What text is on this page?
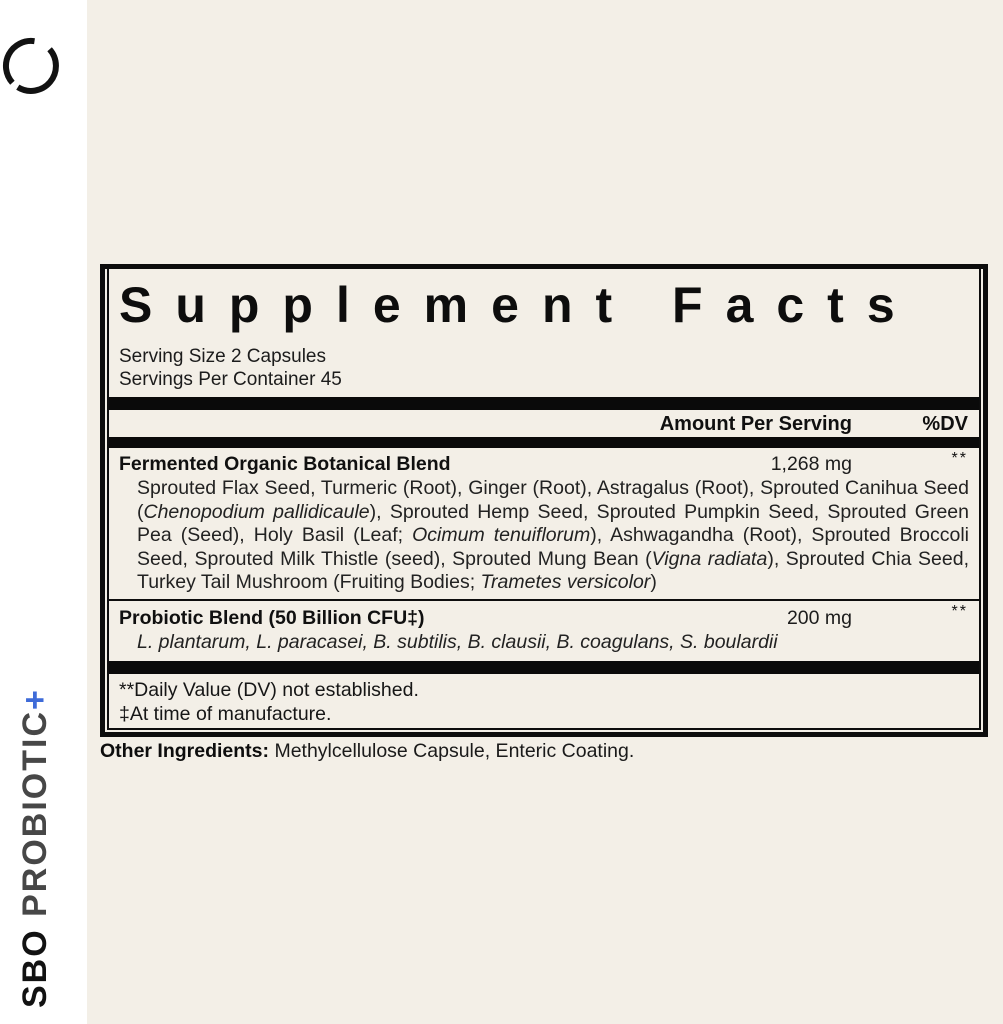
SBO PROBIOTIC+
Supplement Facts
Serving Size 2 Capsules
Servings Per Container 45
Amount Per Serving	%DV
Fermented Organic Botanical Blend	1,268 mg	**
Sprouted Flax Seed, Turmeric (Root), Ginger (Root), Astragalus (Root), Sprouted Canihua Seed (Chenopodium pallidicaule), Sprouted Hemp Seed, Sprouted Pumpkin Seed, Sprouted Green Pea (Seed), Holy Basil (Leaf; Ocimum tenuiflorum), Ashwagandha (Root), Sprouted Broccoli Seed, Sprouted Milk Thistle (seed), Sprouted Mung Bean (Vigna radiata), Sprouted Chia Seed, Turkey Tail Mushroom (Fruiting Bodies; Trametes versicolor)
Probiotic Blend (50 Billion CFU‡)	200 mg	**
L. plantarum, L. paracasei, B. subtilis, B. clausii, B. coagulans, S. boulardii
**Daily Value (DV) not established.
‡At time of manufacture.
Other Ingredients: Methylcellulose Capsule, Enteric Coating.
